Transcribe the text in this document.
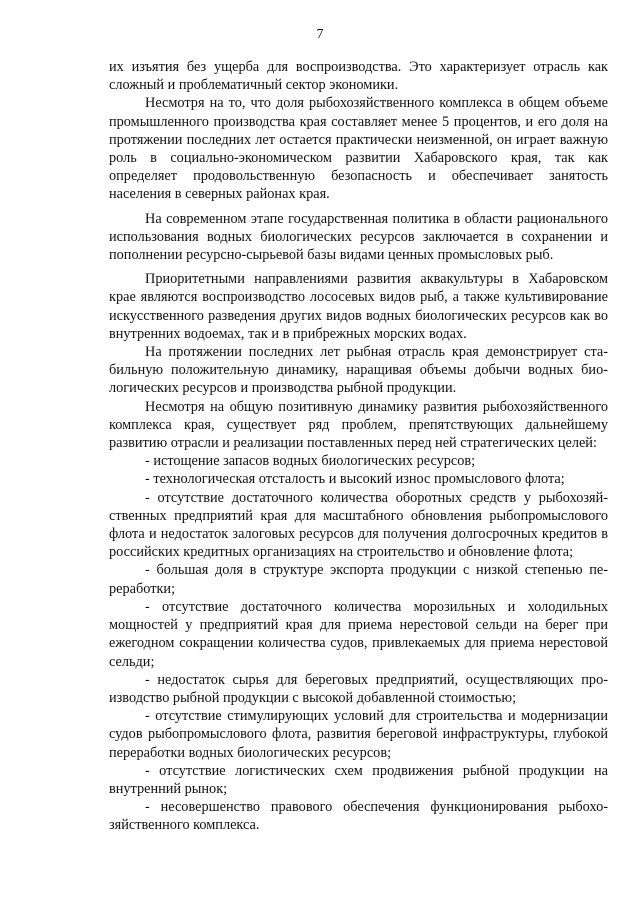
7

их изъятия без ущерба для воспроизводства. Это характеризует отрасль как сложный и проблематичный сектор экономики.

Несмотря на то, что доля рыбохозяйственного комплекса в общем объеме промышленного производства края составляет менее 5 процентов, и его доля на протяжении последних лет остается практически неизменной, он играет важную роль в социально-экономическом развитии Хабаровского края, так как определяет продовольственную безопасность и обеспечивает занятость населения в северных районах края.

На современном этапе государственная политика в области рационального использования водных биологических ресурсов заключается в сохранении и пополнении ресурсно-сырьевой базы видами ценных промысловых рыб.

Приоритетными направлениями развития аквакультуры в Хабаровском крае являются воспроизводство лососевых видов рыб, а также культивирование искусственного разведения других видов водных биологических ресурсов как во внутренних водоемах, так и в прибрежных морских водах.

На протяжении последних лет рыбная отрасль края демонстрирует стабильную положительную динамику, наращивая объемы добычи водных биологических ресурсов и производства рыбной продукции.

Несмотря на общую позитивную динамику развития рыбохозяйственного комплекса края, существует ряд проблем, препятствующих дальнейшему развитию отрасли и реализации поставленных перед ней стратегических целей:

- истощение запасов водных биологических ресурсов;

- технологическая отсталость и высокий износ промыслового флота;

- отсутствие достаточного количества оборотных средств у рыбохозяйственных предприятий края для масштабного обновления рыбопромыслового флота и недостаток залоговых ресурсов для получения долгосрочных кредитов в российских кредитных организациях на строительство и обновление флота;

- большая доля в структуре экспорта продукции с низкой степенью переработки;

- отсутствие достаточного количества морозильных и холодильных мощностей у предприятий края для приема нерестовой сельди на берег при ежегодном сокращении количества судов, привлекаемых для приема нерестовой сельди;

- недостаток сырья для береговых предприятий, осуществляющих производство рыбной продукции с высокой добавленной стоимостью;

- отсутствие стимулирующих условий для строительства и модернизации судов рыбопромыслового флота, развития береговой инфраструктуры, глубокой переработки водных биологических ресурсов;

- отсутствие логистических схем продвижения рыбной продукции на внутренний рынок;

- несовершенство правового обеспечения функционирования рыбохозяйственного комплекса.
